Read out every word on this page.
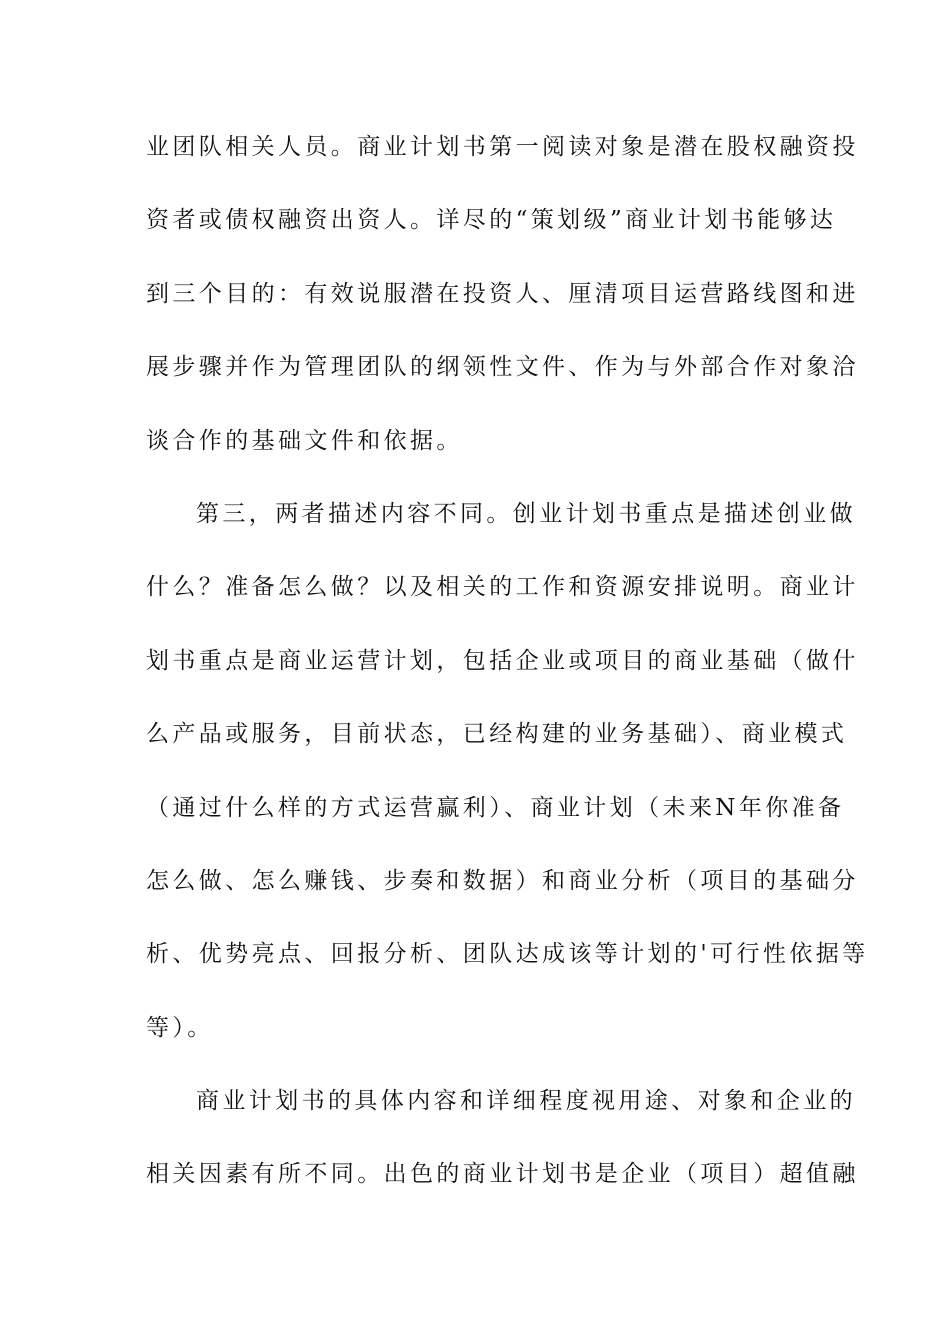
业团队相关人员。商业计划书第一阅读对象是潜在股权融资投
资者或债权融资出资人。详尽的“策划级”商业计划书能够达
到三个目的：有效说服潜在投资人、厘清项目运营路线图和进
展步骤并作为管理团队的纲领性文件、作为与外部合作对象洽
谈合作的基础文件和依据。
第三，两者描述内容不同。创业计划书重点是描述创业做
什么？准备怎么做？以及相关的工作和资源安排说明。商业计
划书重点是商业运营计划，包括企业或项目的商业基础（做什
么产品或服务，目前状态，已经构建的业务基础）、商业模式
（通过什么样的方式运营赢利）、商业计划（未来N年你准备
怎么做、怎么赚钱、步奏和数据）和商业分析（项目的基础分
析、优势亮点、回报分析、团队达成该等计划的'可行性依据等
等）。
商业计划书的具体内容和详细程度视用途、对象和企业的
相关因素有所不同。出色的商业计划书是企业（项目）超值融
